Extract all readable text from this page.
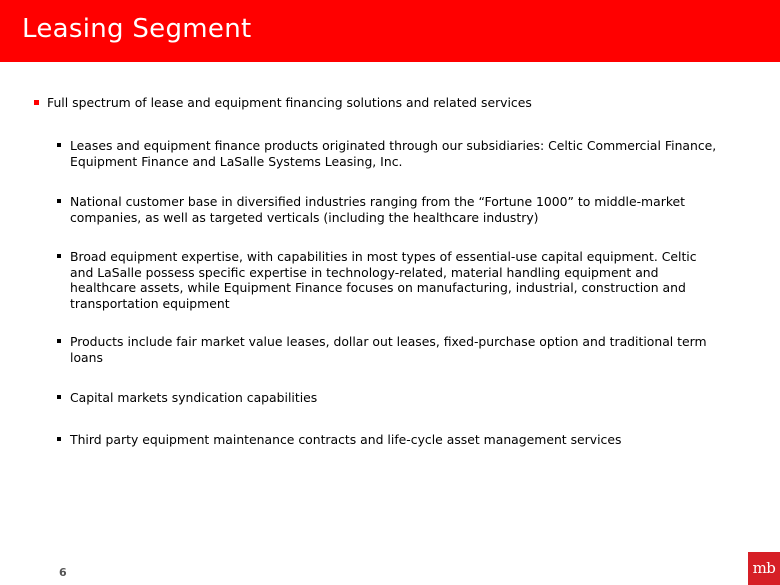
Leasing Segment
Full spectrum of lease and equipment financing solutions and related services
Leases and equipment finance products originated through our subsidiaries: Celtic Commercial Finance, Equipment Finance and LaSalle Systems Leasing, Inc.
National customer base in diversified industries ranging from the “Fortune 1000” to middle-market companies, as well as targeted verticals (including the healthcare industry)
Broad equipment expertise, with capabilities in most types of essential-use capital equipment. Celtic and LaSalle possess specific expertise in technology-related, material handling equipment and healthcare assets, while Equipment Finance focuses on manufacturing, industrial, construction and transportation equipment
Products include fair market value leases, dollar out leases, fixed-purchase option and traditional term loans
Capital markets syndication capabilities
Third party equipment maintenance contracts and life-cycle asset management services
6	mb
